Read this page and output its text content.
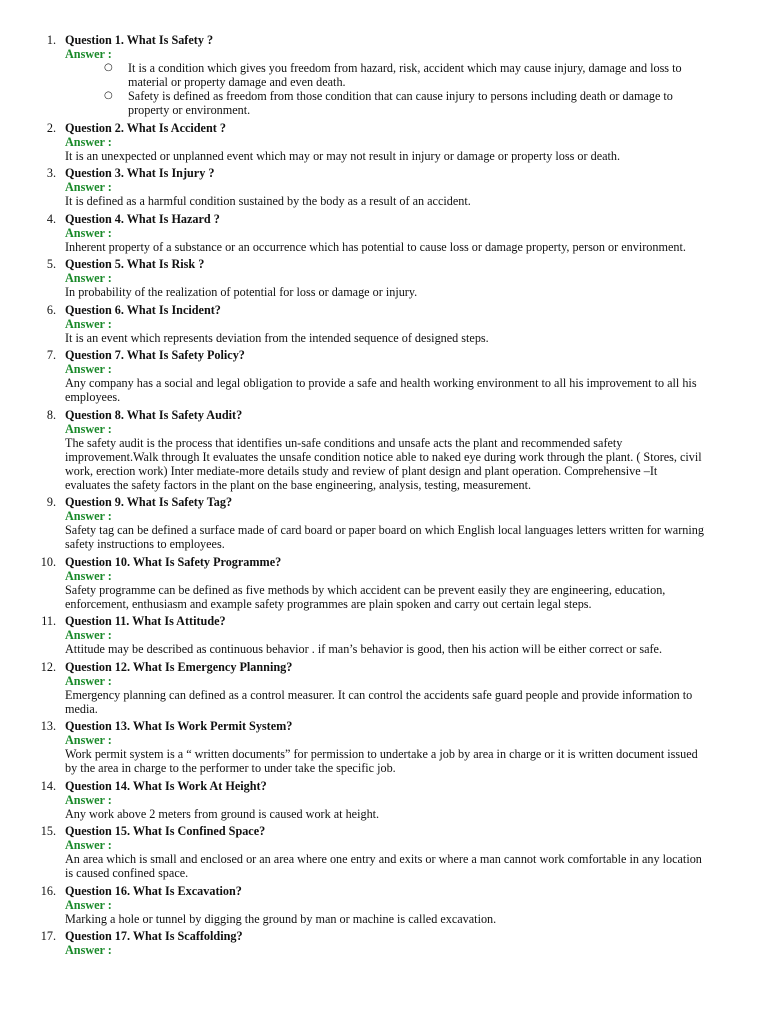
1. Question 1. What Is Safety ?
Answer :
○ It is a condition which gives you freedom from hazard, risk, accident which may cause injury, damage and loss to material or property damage and even death.
○ Safety is defined as freedom from those condition that can cause injury to persons including death or damage to property or environment.
2. Question 2. What Is Accident ?
Answer :
It is an unexpected or unplanned event which may or may not result in injury or damage or property loss or death.
3. Question 3. What Is Injury ?
Answer :
It is defined as a harmful condition sustained by the body as a result of an accident.
4. Question 4. What Is Hazard ?
Answer :
Inherent property of a substance or an occurrence which has potential to cause loss or damage property, person or environment.
5. Question 5. What Is Risk ?
Answer :
In probability of the realization of potential for loss or damage or injury.
6. Question 6. What Is Incident?
Answer :
It is an event which represents deviation from the intended sequence of designed steps.
7. Question 7. What Is Safety Policy?
Answer :
Any company has a social and legal obligation to provide a safe and health working environment to all his improvement to all his employees.
8. Question 8. What Is Safety Audit?
Answer :
The safety audit is the process that identifies un-safe conditions and unsafe acts the plant and recommended safety improvement.Walk through It evaluates the unsafe condition notice able to naked eye during work through the plant. ( Stores, civil work, erection work) Inter mediate-more details study and review of plant design and plant operation. Comprehensive –It evaluates the safety factors in the plant on the base engineering, analysis, testing, measurement.
9. Question 9. What Is Safety Tag?
Answer :
Safety tag can be defined a surface made of card board or paper board on which English local languages letters written for warning safety instructions to employees.
10. Question 10. What Is Safety Programme?
Answer :
Safety programme can be defined as five methods by which accident can be prevent easily they are engineering, education, enforcement, enthusiasm and example safety programmes are plain spoken and carry out certain legal steps.
11. Question 11. What Is Attitude?
Answer :
Attitude may be described as continuous behavior . if man’s behavior is good, then his action will be either correct or safe.
12. Question 12. What Is Emergency Planning?
Answer :
Emergency planning can defined as a control measurer. It can control the accidents safe guard people and provide information to media.
13. Question 13. What Is Work Permit System?
Answer :
Work permit system is a “ written documents” for permission to undertake a job by area in charge or it is written document issued by the area in charge to the performer to under take the specific job.
14. Question 14. What Is Work At Height?
Answer :
Any work above 2 meters from ground is caused work at height.
15. Question 15. What Is Confined Space?
Answer :
An area which is small and enclosed or an area where one entry and exits or where a man cannot work comfortable in any location is caused confined space.
16. Question 16. What Is Excavation?
Answer :
Marking a hole or tunnel by digging the ground by man or machine is called excavation.
17. Question 17. What Is Scaffolding?
Answer :
